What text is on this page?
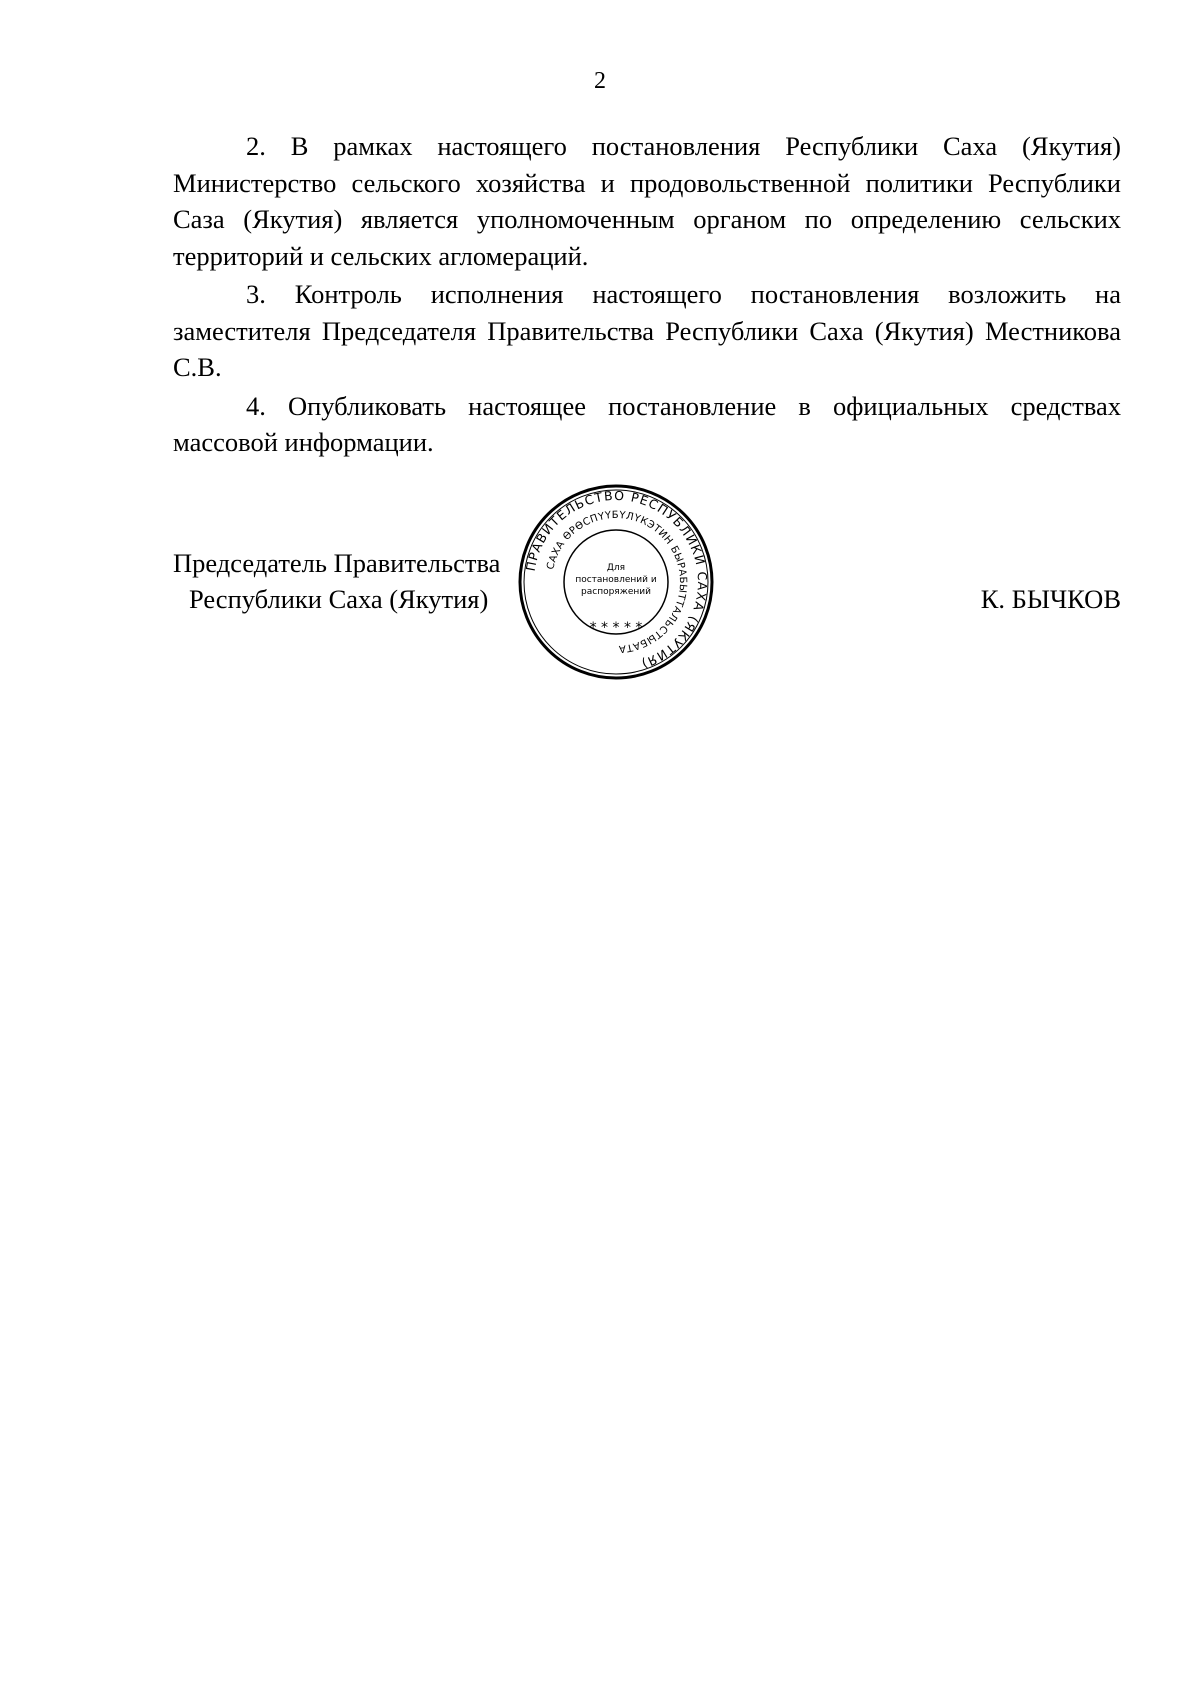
2

2. В рамках настоящего постановления Республики Саха (Якутия) Министерство сельского хозяйства и продовольственной политики Республики Саза (Якутия) является уполномоченным органом по определению сельских территорий и сельских агломераций.

3. Контроль исполнения настоящего постановления возложить на заместителя Председателя Правительства Республики Саха (Якутия) Местникова С.В.

4. Опубликовать настоящее постановление в официальных средствах массовой информации.

Председатель Правительства
Республики Саха (Якутия)	К. БЫЧКОВ
ПРАВИТЕЛЬСТВО РЕСПУБЛИКИ САХА (ЯКУТИЯ)
САХА ӨРӨСПҮҮБҮЛҮКЭТИН БЫРАБЫТТАЛЬСТЫБАТА
* * * * *
Для
постановлений и
распоряжений
